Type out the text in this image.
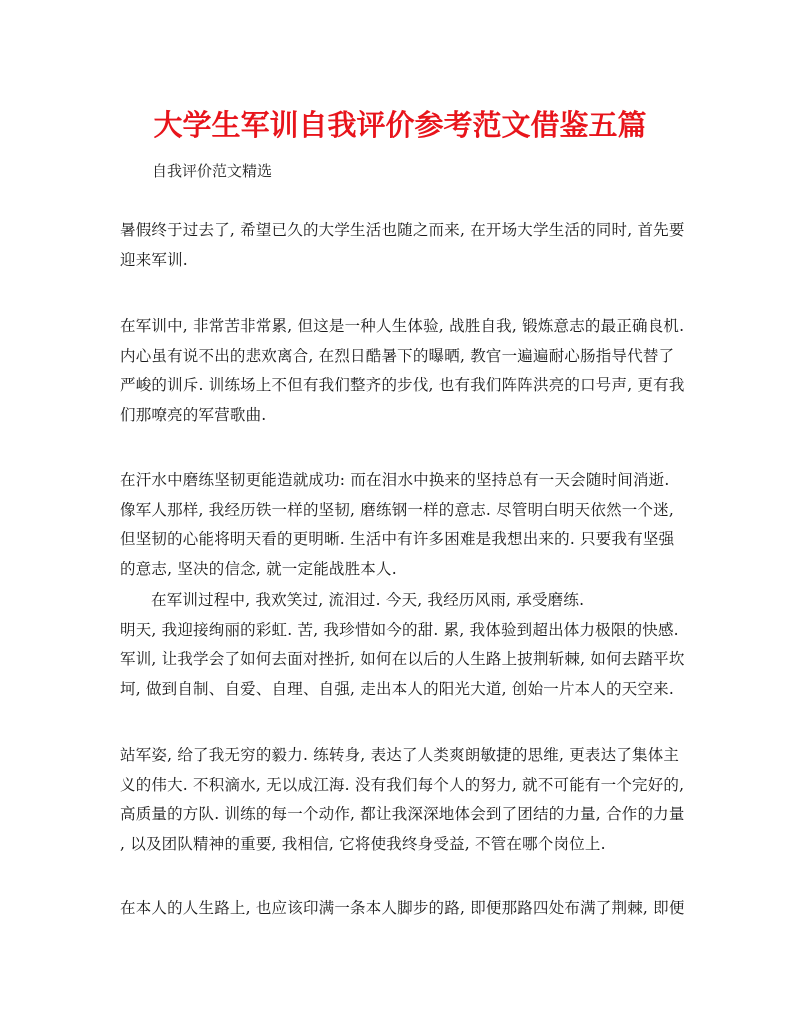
大学生军训自我评价参考范文借鉴五篇
自我评价范文精选
暑假终于过去了, 希望已久的大学生活也随之而来, 在开场大学生活的同时, 首先要
迎来军训.
在军训中, 非常苦非常累, 但这是一种人生体验, 战胜自我, 锻炼意志的最正确良机.
内心虽有说不出的悲欢离合, 在烈日酷暑下的曝晒, 教官一遍遍耐心肠指导代替了
严峻的训斥. 训练场上不但有我们整齐的步伐, 也有我们阵阵洪亮的口号声, 更有我
们那嘹亮的军营歌曲.
在汗水中磨练坚韧更能造就成功: 而在泪水中换来的坚持总有一天会随时间消逝.
像军人那样, 我经历铁一样的坚韧, 磨练钢一样的意志. 尽管明白明天依然一个迷,
但坚韧的心能将明天看的更明晰. 生活中有许多困难是我想出来的. 只要我有坚强
的意志, 坚决的信念, 就一定能战胜本人.
在军训过程中, 我欢笑过, 流泪过. 今天, 我经历风雨, 承受磨练.
明天, 我迎接绚丽的彩虹. 苦, 我珍惜如今的甜. 累, 我体验到超出体力极限的快感.
军训, 让我学会了如何去面对挫折, 如何在以后的人生路上披荆斩棘, 如何去踏平坎
坷, 做到自制、自爱、自理、自强, 走出本人的阳光大道, 创始一片本人的天空来.
站军姿, 给了我无穷的毅力. 练转身, 表达了人类爽朗敏捷的思维, 更表达了集体主
义的伟大. 不积滴水, 无以成江海. 没有我们每个人的努力, 就不可能有一个完好的,
高质量的方队. 训练的每一个动作, 都让我深深地体会到了团结的力量, 合作的力量
, 以及团队精神的重要, 我相信, 它将使我终身受益, 不管在哪个岗位上.
在本人的人生路上, 也应该印满一条本人脚步的路, 即便那路四处布满了荆棘, 即便
